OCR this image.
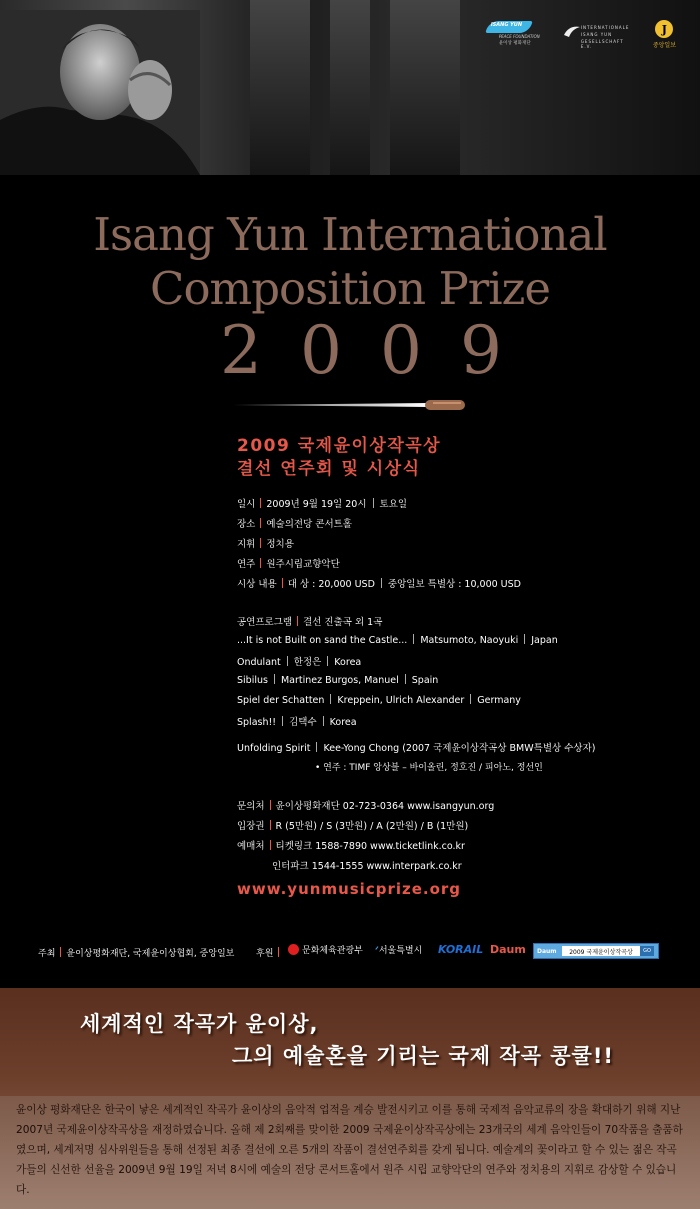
ISANG YUN
PEACE FOUNDATION
윤이상 평화재단
INTERNATIONALE
ISANG YUN
GESELLSCHAFT E.V.
J
중앙일보
Isang Yun International
Composition Prize
2009
2009 국제윤이상작곡상
결선 연주회 및 시상식
일시 2009년 9월 19일 20시 토요일
장소 예술의전당 콘서트홀
지휘 정치용
연주 원주시립교향악단
시상 내용 대 상 : 20,000 USD 중앙일보 특별상 : 10,000 USD
공연프로그램 결선 진출곡 외 1곡
...It is not Built on sand the Castle... Matsumoto, Naoyuki Japan
Ondulant 한정은 Korea
Sibilus Martinez Burgos, Manuel Spain
Spiel der Schatten Kreppein, Ulrich Alexander Germany
Splash!! 김택수 Korea
Unfolding Spirit Kee-Yong Chong (2007 국제윤이상작곡상 BMW특별상 수상자)
• 연주 : TIMF 앙상블 – 바이올린, 정호진 / 피아노, 정선인
문의처 윤이상평화재단 02-723-0364 www.isangyun.org
입장권 R (5만원) / S (3만원) / A (2만원) / B (1만원)
예매처 티켓링크 1588-7890 www.ticketlink.co.kr
인터파크 1544-1555 www.interpark.co.kr
www.yunmusicprize.org
주최 윤이상평화재단, 국제윤이상협회, 중앙일보 후원	문화체육관광부 ᐟ서울특별시 KORAIL Daum Daum	2009 국제윤이상작곡상	GO
세계적인 작곡가 윤이상,
그의 예술혼을 기리는 국제 작곡 콩쿨!!

윤이상 평화재단은 한국이 낳은 세계적인 작곡가 윤이상의 음악적 업적을 계승 발전시키고 이를 통해 국제적 음악교류의 장을 확대하기 위해 지난 2007년 국제윤이상작곡상을 재정하였습니다. 올해 제 2회째를 맞이한 2009 국제윤이상작곡상에는 23개국의 세계 음악인들이 70작품을 출품하였으며, 세계저명 심사위원들을 통해 선정된 최종 결선에 오른 5개의 작품이 결선연주회를 갖게 됩니다. 예술계의 꽃이라고 할 수 있는 젊은 작곡가들의 신선한 선율을 2009년 9월 19일 저녁 8시에 예술의 전당 콘서트홀에서 원주 시립 교향악단의 연주와 정치용의 지휘로 감상할 수 있습니다.
